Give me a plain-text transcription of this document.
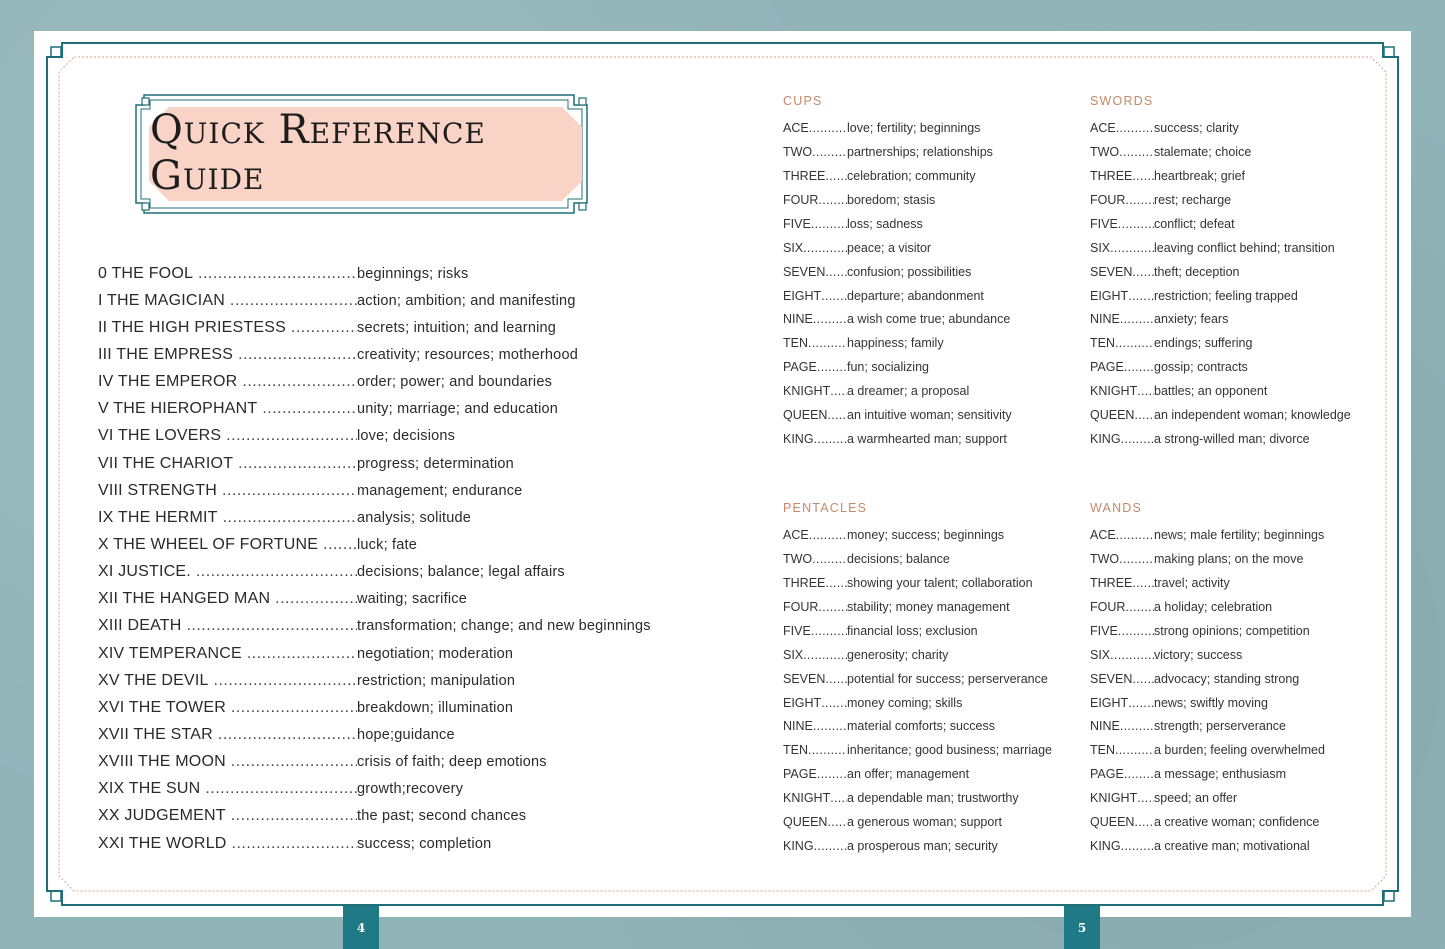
Quick Reference Guide
0 THE FOOL .....	beginnings; risks
I THE MAGICIAN .....	action; ambition; and manifesting
II THE HIGH PRIESTESS .....	secrets; intuition; and learning
III THE EMPRESS .....	creativity; resources; motherhood
IV THE EMPEROR .....	order; power; and boundaries
V THE HIEROPHANT .....	unity; marriage; and education
VI THE LOVERS .....	love; decisions
VII THE CHARIOT .....	progress; determination
VIII STRENGTH .....	management; endurance
IX THE HERMIT .....	analysis; solitude
X THE WHEEL OF FORTUNE .....	luck; fate
XI JUSTICE. .....	decisions; balance; legal affairs
XII THE HANGED MAN .....	waiting; sacrifice
XIII DEATH .....	transformation; change; and new beginnings
XIV TEMPERANCE .....	negotiation; moderation
XV THE DEVIL .....	restriction; manipulation
XVI THE TOWER .....	breakdown; illumination
XVII THE STAR .....	hope;guidance
XVIII THE MOON .....	crisis of faith; deep emotions
XIX THE SUN .....	growth;recovery
XX JUDGEMENT .....	the past; second chances
XXI THE WORLD .....	success; completion
CUPS
ACE .....	love; fertility; beginnings
TWO .....	partnerships; relationships
THREE .....	celebration; community
FOUR .....	boredom; stasis
FIVE .....	loss; sadness
SIX .....	peace; a visitor
SEVEN .....	confusion; possibilities
EIGHT .....	departure; abandonment
NINE .....	a wish come true; abundance
TEN .....	happiness; family
PAGE .....	fun; socializing
KNIGHT .....	a dreamer; a proposal
QUEEN .....	an intuitive woman; sensitivity
KING .....	a warmhearted man; support
SWORDS
ACE .....	success; clarity
TWO .....	stalemate; choice
THREE .....	heartbreak; grief
FOUR .....	rest; recharge
FIVE .....	conflict; defeat
SIX .....	leaving conflict behind; transition
SEVEN .....	theft; deception
EIGHT .....	restriction; feeling trapped
NINE .....	anxiety; fears
TEN .....	endings; suffering
PAGE .....	gossip; contracts
KNIGHT .....	battles; an opponent
QUEEN .....	an independent woman; knowledge
KING .....	a strong-willed man; divorce
PENTACLES
ACE .....	money; success; beginnings
TWO .....	decisions; balance
THREE .....	showing your talent; collaboration
FOUR .....	stability; money management
FIVE .....	financial loss; exclusion
SIX .....	generosity; charity
SEVEN .....	potential for success; perserverance
EIGHT .....	money coming; skills
NINE .....	material comforts; success
TEN .....	inheritance; good business; marriage
PAGE .....	an offer; management
KNIGHT .....	a dependable man; trustworthy
QUEEN .....	a generous woman; support
KING .....	a prosperous man; security
WANDS
ACE .....	news; male fertility; beginnings
TWO .....	making plans; on the move
THREE .....	travel; activity
FOUR .....	a holiday; celebration
FIVE .....	strong opinions; competition
SIX .....	victory; success
SEVEN .....	advocacy; standing strong
EIGHT .....	news; swiftly moving
NINE .....	strength; perserverance
TEN .....	a burden; feeling overwhelmed
PAGE .....	a message; enthusiasm
KNIGHT .....	speed; an offer
QUEEN .....	a creative woman; confidence
KING .....	a creative man; motivational
4	5
